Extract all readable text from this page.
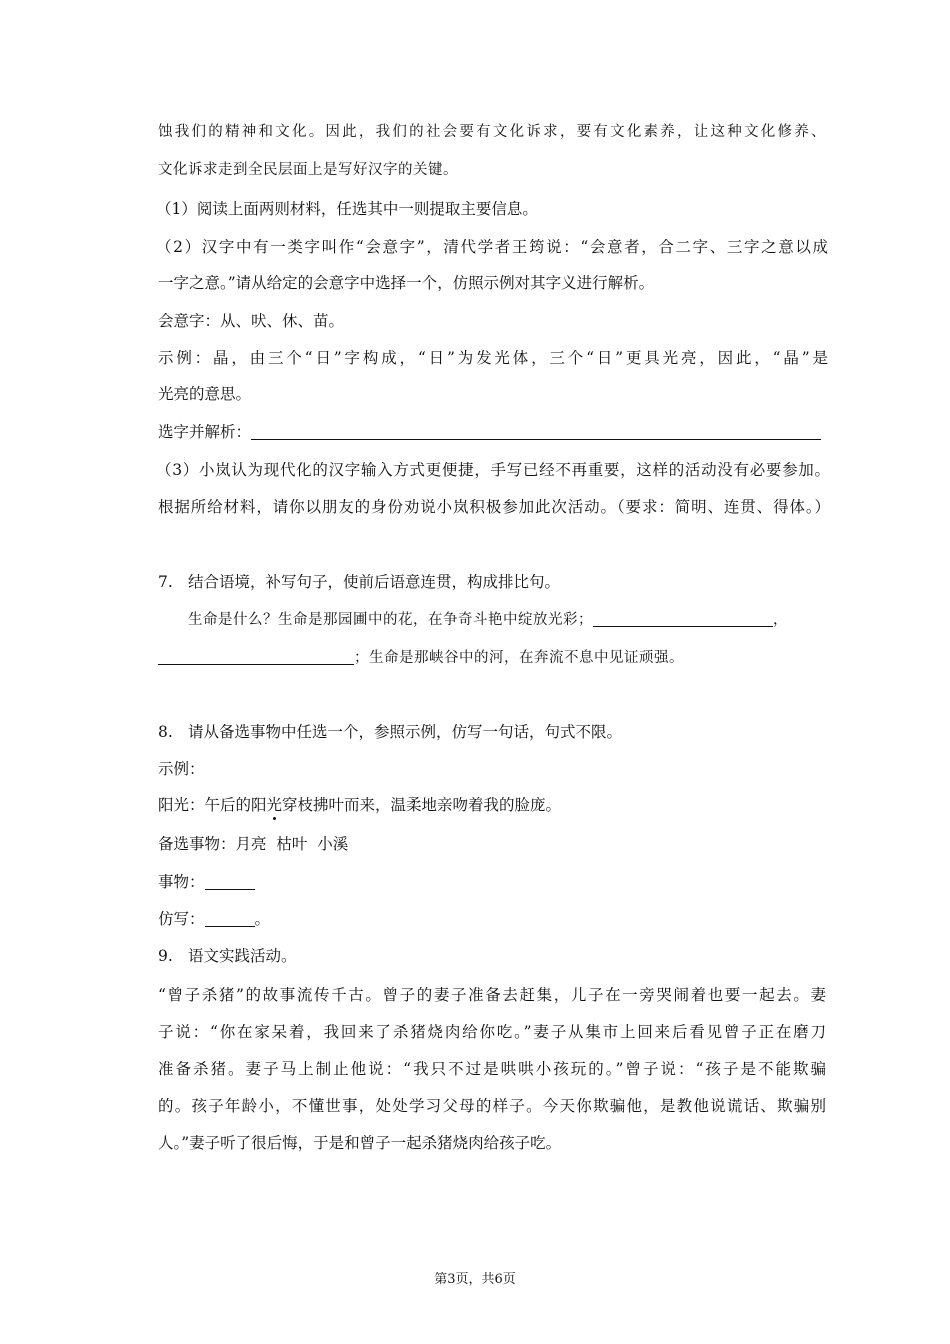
蚀我们的精神和文化。因此，我们的社会要有文化诉求，要有文化素养，让这种文化修养、
文化诉求走到全民层面上是写好汉字的关键。
（1）阅读上面两则材料，任选其中一则提取主要信息。
（2）汉字中有一类字叫作“会意字”，清代学者王筠说：“会意者，合二字、三字之意以成
一字之意。”请从给定的会意字中选择一个，仿照示例对其字义进行解析。
会意字：从、吠、休、苗。
示例：晶，由三个“日”字构成，“日”为发光体，三个“日”更具光亮，因此，“晶”是
光亮的意思。
选字并解析：
（3）小岚认为现代化的汉字输入方式更便捷，手写已经不再重要，这样的活动没有必要参加。
根据所给材料，请你以朋友的身份劝说小岚积极参加此次活动。（要求：简明、连贯、得体。）
7. 结合语境，补写句子，使前后语意连贯，构成排比句。
生命是什么？生命是那园圃中的花，在争奇斗艳中绽放光彩；	，
；生命是那峡谷中的河，在奔流不息中见证顽强。
8. 请从备选事物中任选一个，参照示例，仿写一句话，句式不限。
示例：
阳光：午后的阳光穿枝拂叶而来，温柔地亲吻着我的脸庞。
备选事物：月亮  枯叶  小溪
事物：
仿写：	。
9. 语文实践活动。
“曾子杀猪”的故事流传千古。曾子的妻子准备去赶集，儿子在一旁哭闹着也要一起去。妻
子说：“你在家呆着，我回来了杀猪烧肉给你吃。”妻子从集市上回来后看见曾子正在磨刀
准备杀猪。妻子马上制止他说：“我只不过是哄哄小孩玩的。”曾子说：“孩子是不能欺骗
的。孩子年龄小，不懂世事，处处学习父母的样子。今天你欺骗他，是教他说谎话、欺骗别
人。”妻子听了很后悔，于是和曾子一起杀猪烧肉给孩子吃。
第3页，共6页
